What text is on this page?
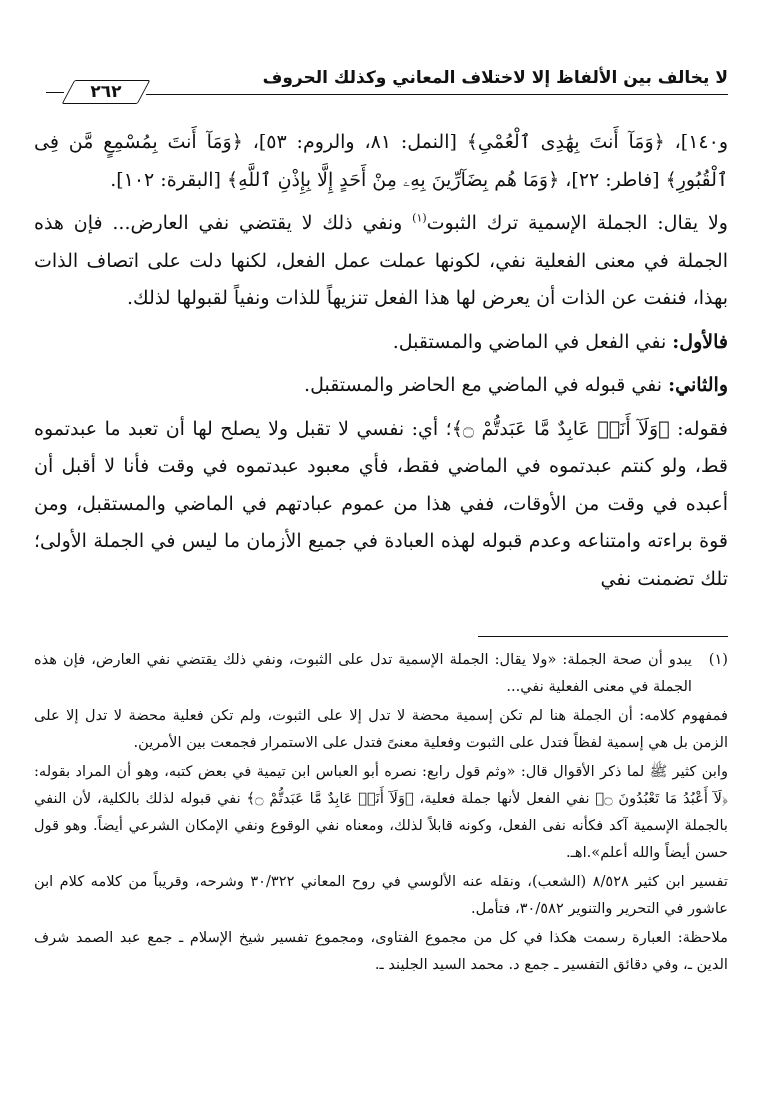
لا يخالف بين الألفاظ إلا لاختلاف المعاني وكذلك الحروف
٢٦٢

و١٤٠]، ﴿وَمَآ أَنتَ بِهَٰدِى ٱلْعُمْىِ﴾ [النمل: ٨١، والروم: ٥٣]، ﴿وَمَآ أَنتَ بِمُسْمِعٍ مَّن فِى ٱلْقُبُورِ﴾ [فاطر: ٢٢]، ﴿وَمَا هُم بِضَآرِّينَ بِهِۦ مِنْ أَحَدٍ إِلَّا بِإِذْنِ ٱللَّهِ﴾ [البقرة: ١٠٢].

ولا يقال: الجملة الإسمية ترك الثبوت$^{(١)}$ ونفي ذلك لا يقتضي نفي العارض... فإن هذه الجملة في معنى الفعلية نفي، لكونها عملت عمل الفعل، لكنها دلت على اتصاف الذات بهذا، فنفت عن الذات أن يعرض لها هذا الفعل تنزيهاً للذات ونفياً لقبولها لذلك.

فالأول: نفي الفعل في الماضي والمستقبل.

والثاني: نفي قبوله في الماضي مع الحاضر والمستقبل.

فقوله: ﴿وَلَآ أَنَا۠ عَابِدٌ مَّا عَبَدتُّمْ ۝﴾؛ أي: نفسي لا تقبل ولا يصلح لها أن تعبد ما عبدتموه قط، ولو كنتم عبدتموه في الماضي فقط، فأي معبود عبدتموه في وقت فأنا لا أقبل أن أعبده في وقت من الأوقات، ففي هذا من عموم عبادتهم في الماضي والمستقبل، ومن قوة براءته وامتناعه وعدم قبوله لهذه العبادة في جميع الأزمان ما ليس في الجملة الأولى؛ تلك تضمنت نفي

(١)
يبدو أن صحة الجملة: «ولا يقال: الجملة الإسمية تدل على الثبوت، ونفي ذلك يقتضي نفي العارض، فإن هذه الجملة في معنى الفعلية نفي...

فمفهوم كلامه: أن الجملة هنا لم تكن إسمية محضة لا تدل إلا على الثبوت، ولم تكن فعلية محضة لا تدل إلا على الزمن بل هي إسمية لفظاً فتدل على الثبوت وفعلية معنىً فتدل على الاستمرار فجمعت بين الأمرين.

وابن كثير ﷺ لما ذكر الأقوال قال: «وثم قول رابع: نصره أبو العباس ابن تيمية في بعض كتبه، وهو أن المراد بقوله: ﴿لَآ أَعْبُدُ مَا تَعْبُدُونَ ۝﴾ نفي الفعل لأنها جملة فعلية، ﴿وَلَآ أَنَا۠ عَابِدٌ مَّا عَبَدتُّمْ ۝﴾ نفي قبوله لذلك بالكلية، لأن النفي بالجملة الإسمية آكد فكأنه نفى الفعل، وكونه قابلاً لذلك، ومعناه نفي الوقوع ونفي الإمكان الشرعي أيضاً. وهو قول حسن أيضاً والله أعلم».اهـ.

تفسير ابن كثير ٨/٥٢٨ (الشعب)، ونقله عنه الألوسي في روح المعاني ٣٠/٣٢٢ وشرحه، وقريباً من كلامه كلام ابن عاشور في التحرير والتنوير ٣٠/٥٨٢، فتأمل.

ملاحظة: العبارة رسمت هكذا في كل من مجموع الفتاوى، ومجموع تفسير شيخ الإسلام ـ جمع عبد الصمد شرف الدين ـ، وفي دقائق التفسير ـ جمع د. محمد السيد الجليند ـ.
